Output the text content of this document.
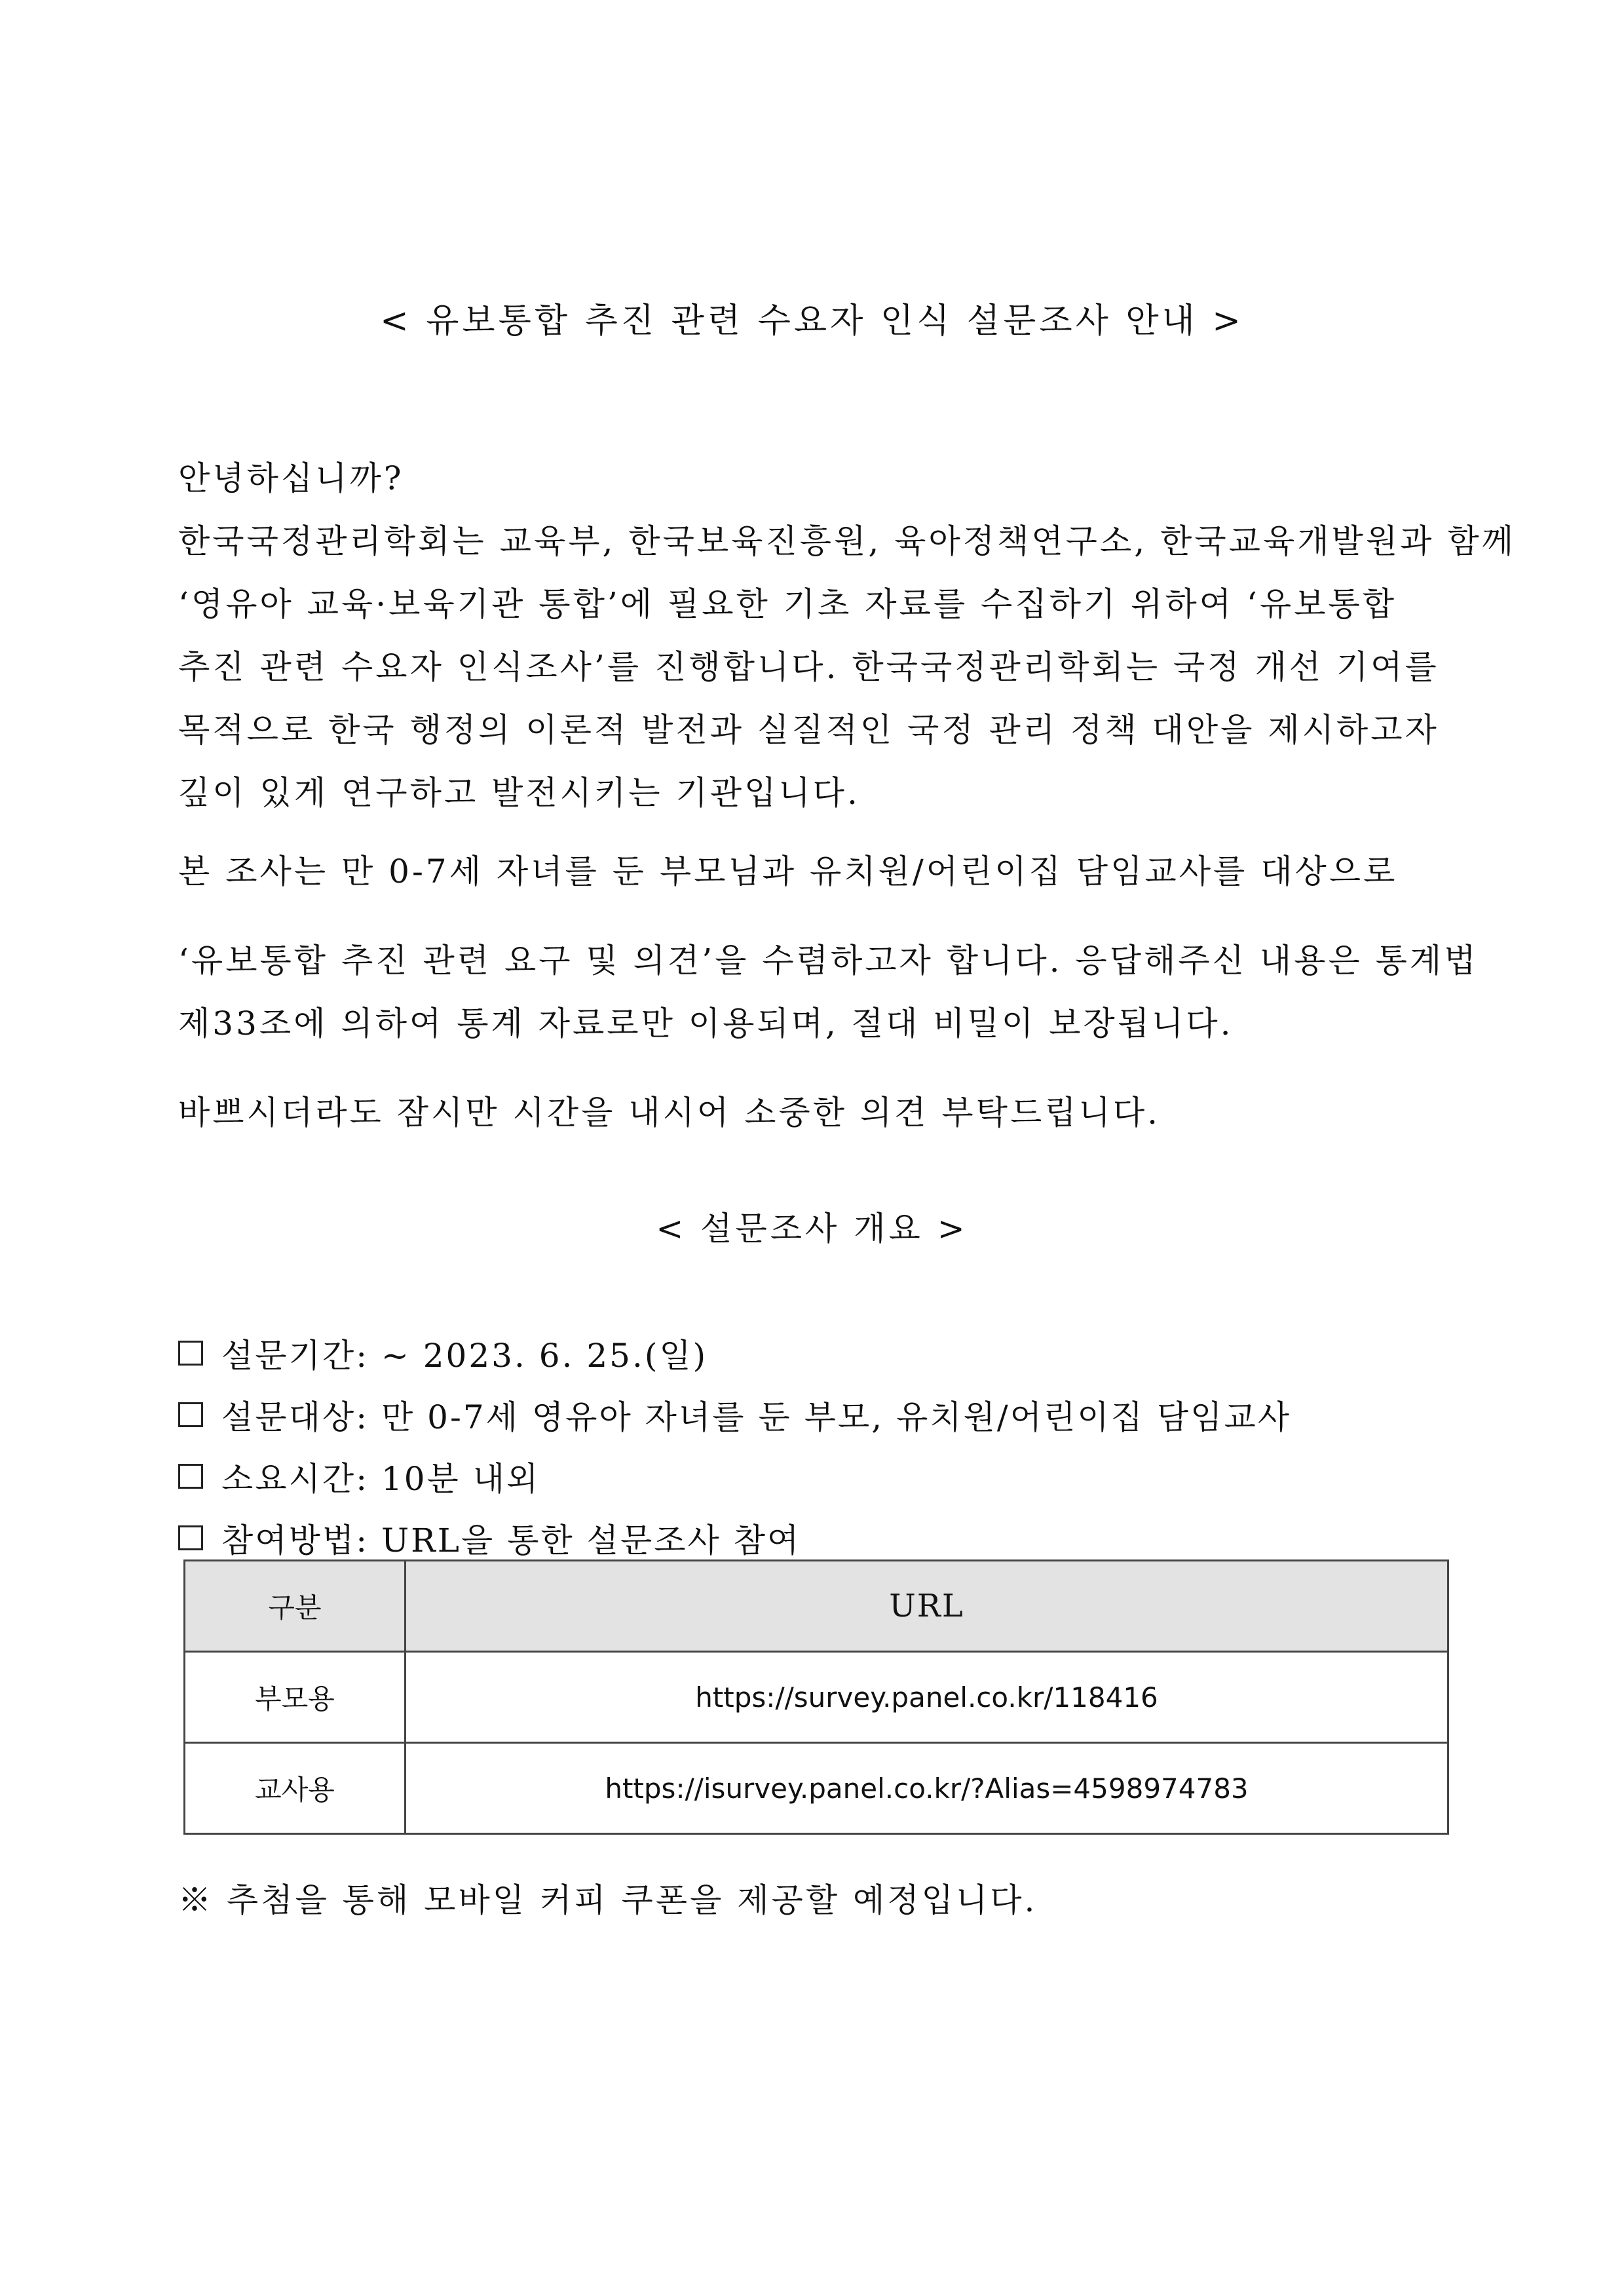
< 유보통합 추진 관련 수요자 인식 설문조사 안내 >
안녕하십니까?
한국국정관리학회는 교육부, 한국보육진흥원, 육아정책연구소, 한국교육개발원과 함께
‘영유아 교육·보육기관 통합’에 필요한 기초 자료를 수집하기 위하여 ‘유보통합
추진 관련 수요자 인식조사’를 진행합니다. 한국국정관리학회는 국정 개선 기여를
목적으로 한국 행정의 이론적 발전과 실질적인 국정 관리 정책 대안을 제시하고자
깊이 있게 연구하고 발전시키는 기관입니다.
본 조사는 만 0-7세 자녀를 둔 부모님과 유치원/어린이집 담임교사를 대상으로
‘유보통합 추진 관련 요구 및 의견’을 수렴하고자 합니다. 응답해주신 내용은 통계법
제33조에 의하여 통계 자료로만 이용되며, 절대 비밀이 보장됩니다.
바쁘시더라도 잠시만 시간을 내시어 소중한 의견 부탁드립니다.
< 설문조사 개요 >
설문기간: ~ 2023. 6. 25.(일)
설문대상: 만 0-7세 영유아 자녀를 둔 부모, 유치원/어린이집 담임교사
소요시간: 10분 내외
참여방법: URL을 통한 설문조사 참여
구분	URL
부모용	https://survey.panel.co.kr/118416
교사용	https://isurvey.panel.co.kr/?Alias=4598974783
※ 추첨을 통해 모바일 커피 쿠폰을 제공할 예정입니다.
